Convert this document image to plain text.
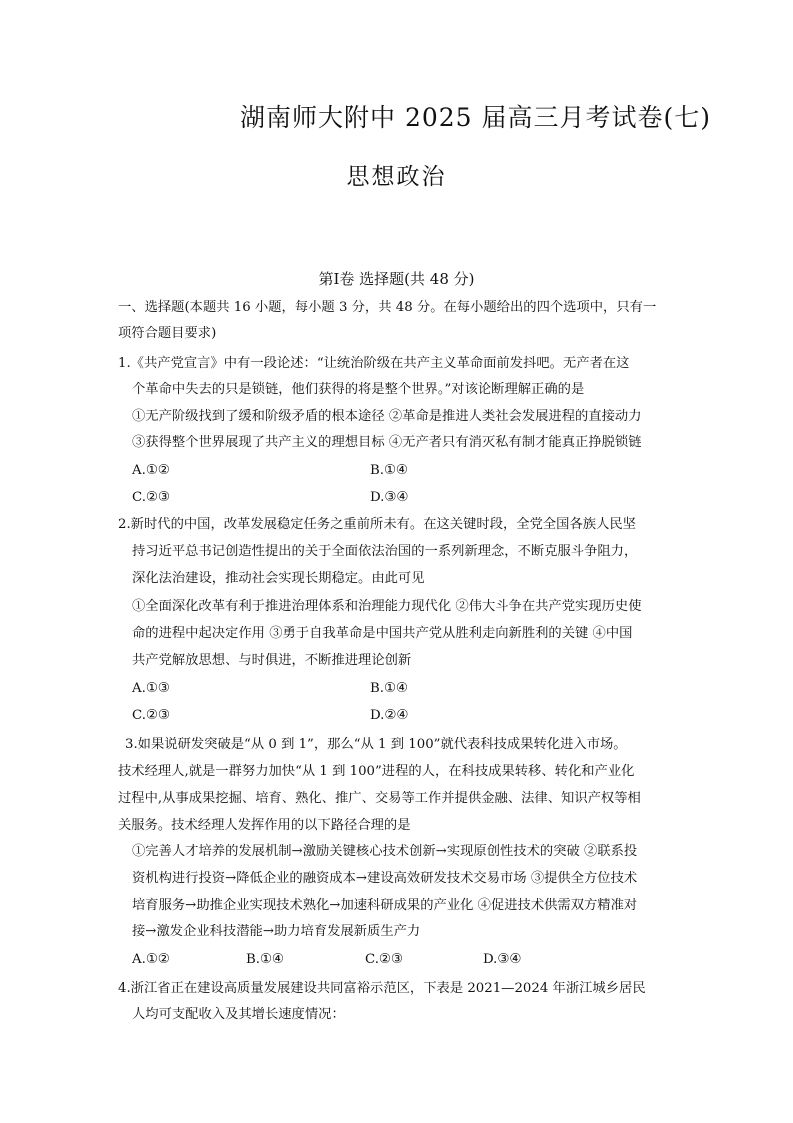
湖南师大附中 2025 届高三月考试卷(七)
思想政治
第Ⅰ卷 选择题(共 48 分)
一、选择题(本题共 16 小题，每小题 3 分，共 48 分。在每小题给出的四个选项中，只有一
项符合题目要求)
1.《共产党宣言》中有一段论述：“让统治阶级在共产主义革命面前发抖吧。无产者在这
个革命中失去的只是锁链，他们获得的将是整个世界。”对该论断理解正确的是
①无产阶级找到了缓和阶级矛盾的根本途径 ②革命是推进人类社会发展进程的直接动力
③获得整个世界展现了共产主义的理想目标 ④无产者只有消灭私有制才能真正挣脱锁链
A.①②	B.①④
C.②③	D.③④
2.新时代的中国，改革发展稳定任务之重前所未有。在这关键时段，全党全国各族人民坚
持习近平总书记创造性提出的关于全面依法治国的一系列新理念，不断克服斗争阻力，
深化法治建设，推动社会实现长期稳定。由此可见
①全面深化改革有利于推进治理体系和治理能力现代化 ②伟大斗争在共产党实现历史使
命的进程中起决定作用 ③勇于自我革命是中国共产党从胜利走向新胜利的关键 ④中国
共产党解放思想、与时俱进，不断推进理论创新
A.①③	B.①④
C.②③	D.②④
3.如果说研发突破是“从 0 到 1”，那么“从 1 到 100”就代表科技成果转化进入市场。
技术经理人,就是一群努力加快“从 1 到 100”进程的人，在科技成果转移、转化和产业化
过程中,从事成果挖掘、培育、熟化、推广、交易等工作并提供金融、法律、知识产权等相
关服务。技术经理人发挥作用的以下路径合理的是
①完善人才培养的发展机制→激励关键核心技术创新→实现原创性技术的突破 ②联系投
资机构进行投资→降低企业的融资成本→建设高效研发技术交易市场 ③提供全方位技术
培育服务→助推企业实现技术熟化→加速科研成果的产业化 ④促进技术供需双方精准对
接→激发企业科技潜能→助力培育发展新质生产力
A.①②	B.①④	C.②③	D.③④
4.浙江省正在建设高质量发展建设共同富裕示范区，下表是 2021—2024 年浙江城乡居民
人均可支配收入及其增长速度情况：
